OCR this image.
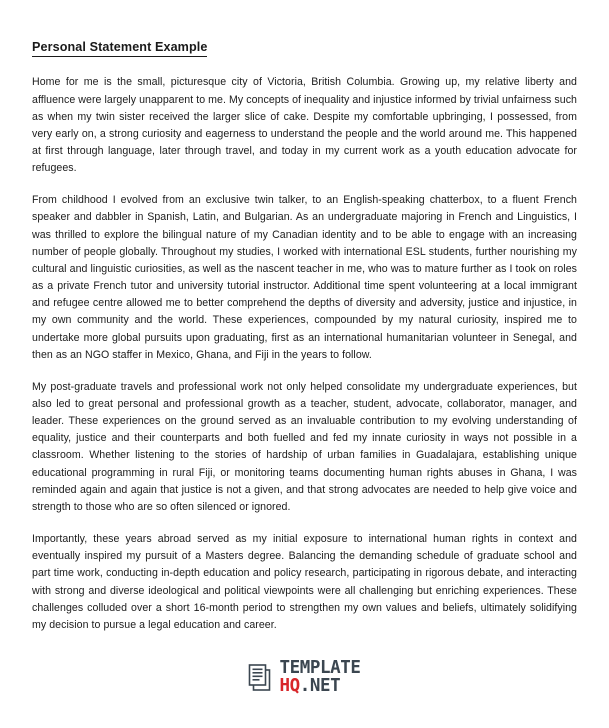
Personal Statement Example

Home for me is the small, picturesque city of Victoria, British Columbia. Growing up, my relative liberty and affluence were largely unapparent to me. My concepts of inequality and injustice informed by trivial unfairness such as when my twin sister received the larger slice of cake. Despite my comfortable upbringing, I possessed, from very early on, a strong curiosity and eagerness to understand the people and the world around me. This happened at first through language, later through travel, and today in my current work as a youth education advocate for refugees.

From childhood I evolved from an exclusive twin talker, to an English-speaking chatterbox, to a fluent French speaker and dabbler in Spanish, Latin, and Bulgarian. As an undergraduate majoring in French and Linguistics, I was thrilled to explore the bilingual nature of my Canadian identity and to be able to engage with an increasing number of people globally. Throughout my studies, I worked with international ESL students, further nourishing my cultural and linguistic curiosities, as well as the nascent teacher in me, who was to mature further as I took on roles as a private French tutor and university tutorial instructor. Additional time spent volunteering at a local immigrant and refugee centre allowed me to better comprehend the depths of diversity and adversity, justice and injustice, in my own community and the world. These experiences, compounded by my natural curiosity, inspired me to undertake more global pursuits upon graduating, first as an international humanitarian volunteer in Senegal, and then as an NGO staffer in Mexico, Ghana, and Fiji in the years to follow.

My post-graduate travels and professional work not only helped consolidate my undergraduate experiences, but also led to great personal and professional growth as a teacher, student, advocate, collaborator, manager, and leader. These experiences on the ground served as an invaluable contribution to my evolving understanding of equality, justice and their counterparts and both fuelled and fed my innate curiosity in ways not possible in a classroom. Whether listening to the stories of hardship of urban families in Guadalajara, establishing unique educational programming in rural Fiji, or monitoring teams documenting human rights abuses in Ghana, I was reminded again and again that justice is not a given, and that strong advocates are needed to help give voice and strength to those who are so often silenced or ignored.

Importantly, these years abroad served as my initial exposure to international human rights in context and eventually inspired my pursuit of a Masters degree. Balancing the demanding schedule of graduate school and part time work, conducting in-depth education and policy research, participating in rigorous debate, and interacting with strong and diverse ideological and political viewpoints were all challenging but enriching experiences. These challenges colluded over a short 16-month period to strengthen my own values and beliefs, ultimately solidifying my decision to pursue a legal education and career.

TEMPLATE
HQ.NET
